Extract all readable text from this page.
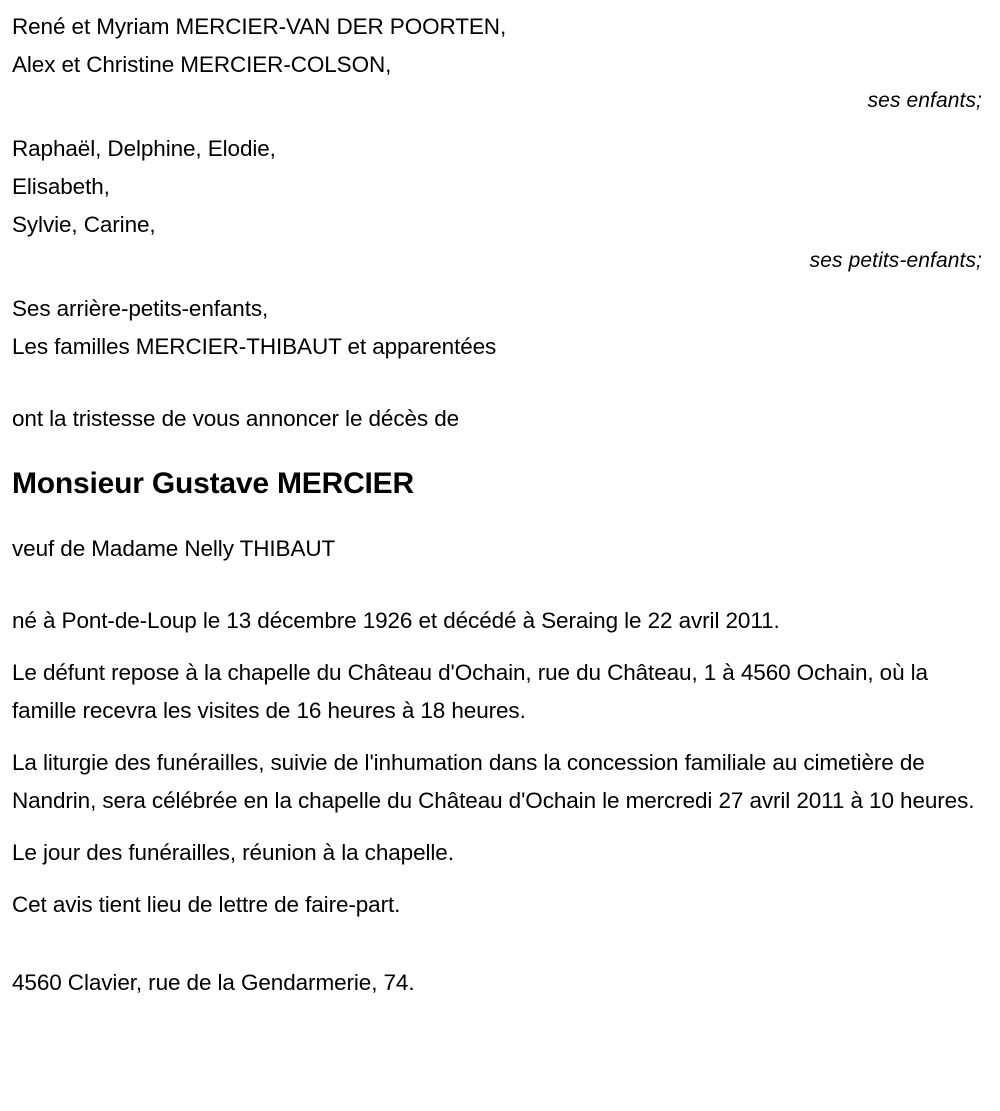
René et Myriam MERCIER-VAN DER POORTEN,
Alex et Christine MERCIER-COLSON,
ses enfants;
Raphaël, Delphine, Elodie,
Elisabeth,
Sylvie, Carine,
ses petits-enfants;
Ses arrière-petits-enfants,
Les familles MERCIER-THIBAUT et apparentées
ont la tristesse de vous annoncer le décès de
Monsieur Gustave MERCIER
veuf de Madame Nelly THIBAUT
né à Pont-de-Loup le 13 décembre 1926 et décédé à Seraing le 22 avril 2011.
Le défunt repose à la chapelle du Château d'Ochain, rue du Château, 1 à 4560 Ochain, où la famille recevra les visites de 16 heures à 18 heures.
La liturgie des funérailles, suivie de l'inhumation dans la concession familiale au cimetière de Nandrin, sera célébrée en la chapelle du Château d'Ochain le mercredi 27 avril 2011 à 10 heures.
Le jour des funérailles, réunion à la chapelle.
Cet avis tient lieu de lettre de faire-part.
4560 Clavier, rue de la Gendarmerie, 74.
